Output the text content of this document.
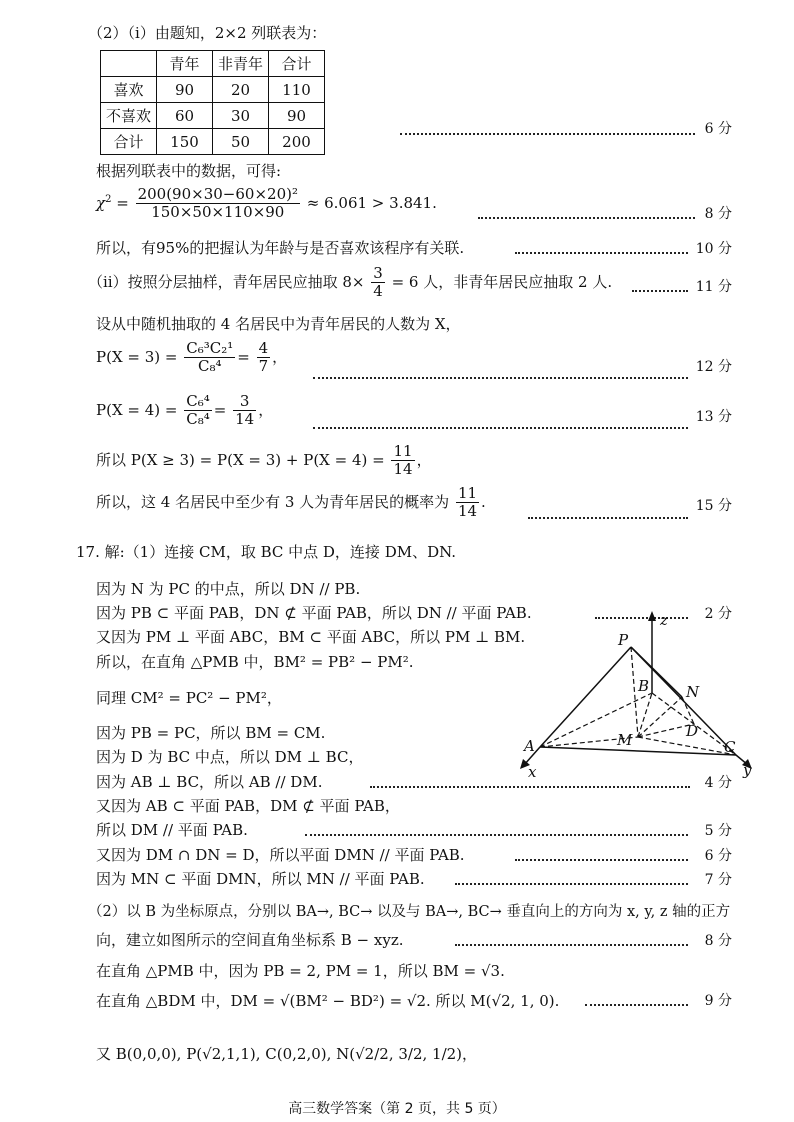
（2）（ⅰ）由题知，2×2 列联表为：
	青年	非青年	合计
喜欢	90	20	110
不喜欢	60	30	90
合计	150	50	200
6 分
根据列联表中的数据，可得:
$\chi^2 = \frac{\text{200(90×30−60×20)²}}{150\times 50\times 110\times 90} \approx 6.061 > 3.841$.
8 分
所以，有95%的把握认为年龄与是否喜欢该程序有关联.	10 分
（ⅱ）按照分层抽样，青年居民应抽取 $8\times \frac{3}{4} = 6$ 人，非青年居民应抽取 2 人.	11 分
设从中随机抽取的 4 名居民中为青年居民的人数为 X，
$P(X = 3) = \frac{\text{C₆³C₂¹}}{\text{C₈⁴}} = \frac{4}{7}$ ，
12 分
$P(X = 4) = \frac{\text{C₆⁴}}{\text{C₈⁴}} = \frac{3}{14}$ ，	13 分
所以 $P(X \ge 3) = P(X = 3) + P(X = 4) = \frac{11}{14}$ ，
所以，这 4 名居民中至少有 3 人为青年居民的概率为 $\frac{11}{14}$ .	15 分
17. 解:（1）连接 CM，取 BC 中点 D，连接 DM、DN.
因为 N 为 PC 的中点，所以 DN // PB.
因为 PB ⊂ 平面 PAB，DN ⊄ 平面 PAB，所以 DN // 平面 PAB.	2 分
又因为 PM ⊥ 平面 ABC，BM ⊂ 平面 ABC，所以 PM ⊥ BM.
所以，在直角 △PMB 中，BM² = PB² − PM².
同理 CM² = PC² − PM²，
因为 PB = PC，所以 BM = CM.
因为 D 为 BC 中点，所以 DM ⊥ BC，
因为 AB ⊥ BC，所以 AB // DM.	4 分
又因为 AB ⊂ 平面 PAB，DM ⊄ 平面 PAB，
所以 DM // 平面 PAB.	5 分
又因为 DM ∩ DN = D，所以平面 DMN // 平面 PAB.	6 分
因为 MN ⊂ 平面 DMN，所以 MN // 平面 PAB.	7 分
（2）以 B 为坐标原点，分别以 BA→, BC→ 以及与 BA→, BC→ 垂直向上的方向为 x, y, z 轴的正方
向，建立如图所示的空间直角坐标系 B − xyz.	8 分
在直角 △PMB 中，因为 PB = 2, PM = 1，所以 BM = √3.
在直角 △BDM 中，DM = √(BM² − BD²) = √2. 所以 M(√2, 1, 0).	9 分
又 B(0,0,0), P(√2,1,1), C(0,2,0), N(√2/2, 3/2, 1/2)，
P
z
B N
M	D
A	C
x	y
高三数学答案（第 2 页，共 5 页）
